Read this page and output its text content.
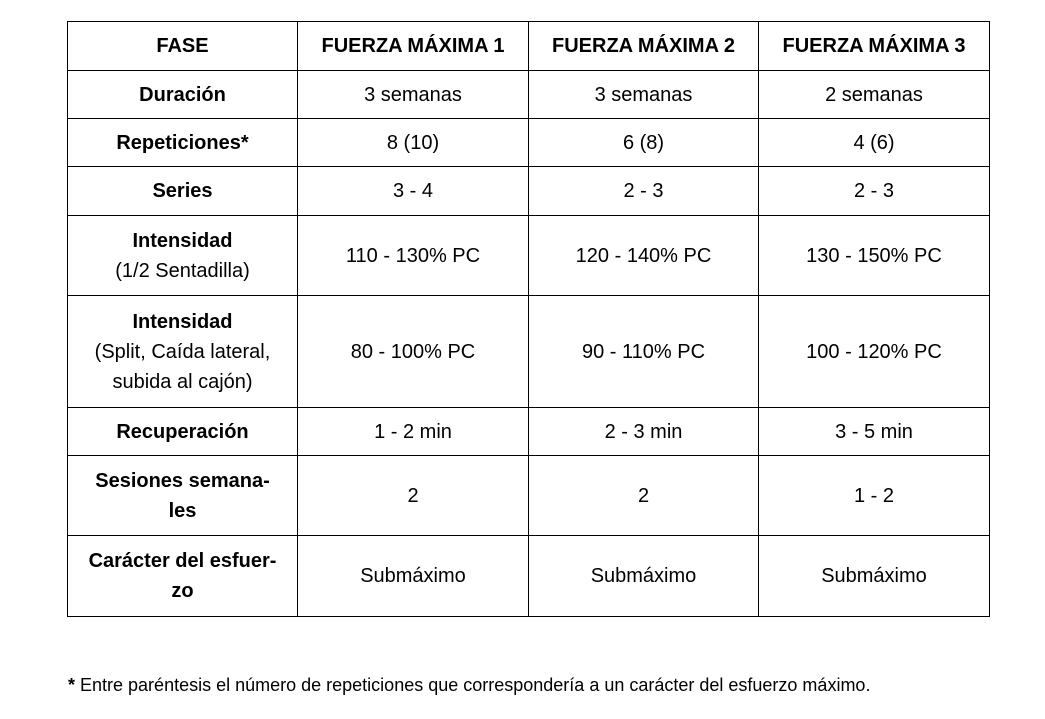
FASE	FUERZA MÁXIMA 1	FUERZA MÁXIMA 2	FUERZA MÁXIMA 3

Duración	3 semanas	3 semanas	2 semanas

Repeticiones*	8 (10)	6 (8)	4 (6)

Series	3 - 4	2 - 3	2 - 3

Intensidad
(1/2 Sentadilla)	110 - 130% PC	120 - 140% PC	130 - 150% PC

Intensidad
(Split, Caída lateral, subida al cajón)	80 - 100% PC	90 - 110% PC	100 - 120% PC

Recuperación	1 - 2 min	2 - 3 min	3 - 5 min

Sesiones semana-les	2	2	1 - 2

Carácter del esfuer-zo	Submáximo	Submáximo	Submáximo
* Entre paréntesis el número de repeticiones que correspondería a un carácter del esfuerzo máximo.
